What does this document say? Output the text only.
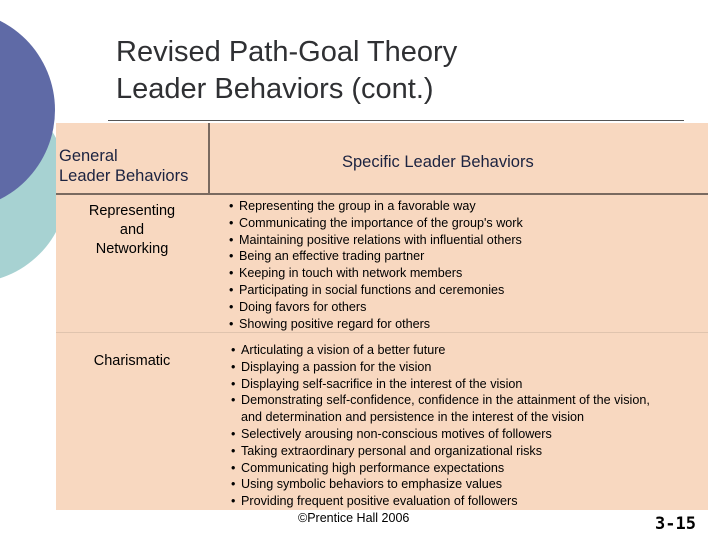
Revised Path-Goal Theory
Leader Behaviors (cont.)
General
Leader Behaviors
Specific Leader Behaviors
Representing
and
Networking
• Representing the group in a favorable way
• Communicating the importance of the group's work
• Maintaining positive relations with influential others
• Being an effective trading partner
• Keeping in touch with network members
• Participating in social functions and ceremonies
• Doing favors for others
• Showing positive regard for others
Charismatic
• Articulating a vision of a better future
• Displaying a passion for the vision
• Displaying self-sacrifice in the interest of the vision
• Demonstrating self-confidence, confidence in the attainment of the vision,
and determination and persistence in the interest of the vision
• Selectively arousing non-conscious motives of followers
• Taking extraordinary personal and organizational risks
• Communicating high performance expectations
• Using symbolic behaviors to emphasize values
• Providing frequent positive evaluation of followers
©Prentice Hall 2006	3-15
